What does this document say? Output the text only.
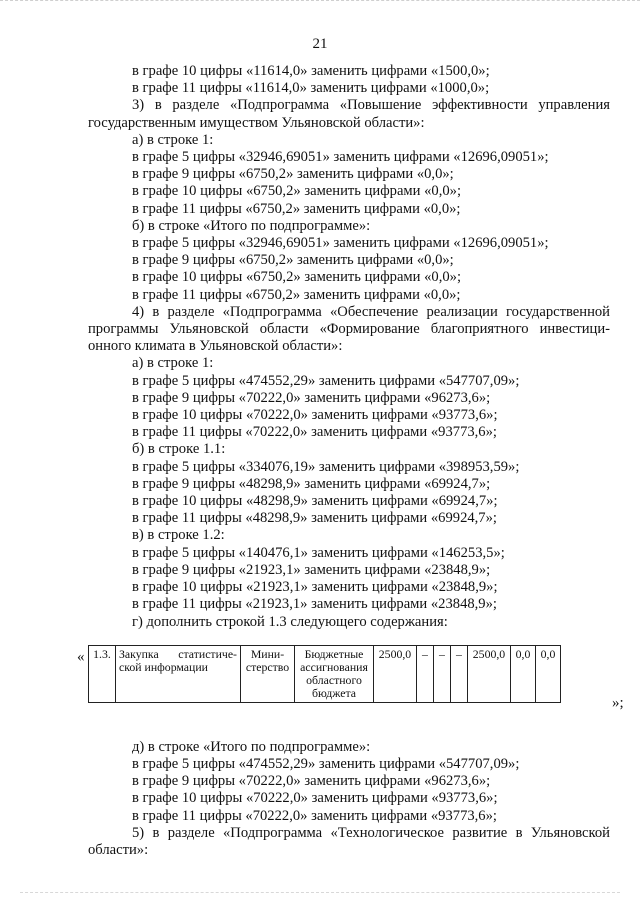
21
в графе 10 цифры «11614,0» заменить цифрами «1500,0»;
в графе 11 цифры «11614,0» заменить цифрами «1000,0»;
3) в разделе «Подпрограмма «Повышение эффективности управления
государственным имуществом Ульяновской области»:
а) в строке 1:
в графе 5 цифры «32946,69051» заменить цифрами «12696,09051»;
в графе 9 цифры «6750,2» заменить цифрами «0,0»;
в графе 10 цифры «6750,2» заменить цифрами «0,0»;
в графе 11 цифры «6750,2» заменить цифрами «0,0»;
б) в строке «Итого по подпрограмме»:
в графе 5 цифры «32946,69051» заменить цифрами «12696,09051»;
в графе 9 цифры «6750,2» заменить цифрами «0,0»;
в графе 10 цифры «6750,2» заменить цифрами «0,0»;
в графе 11 цифры «6750,2» заменить цифрами «0,0»;
4) в разделе «Подпрограмма «Обеспечение реализации государственной
программы Ульяновской области «Формирование благоприятного инвестици-
онного климата в Ульяновской области»:
а) в строке 1:
в графе 5 цифры «474552,29» заменить цифрами «547707,09»;
в графе 9 цифры «70222,0» заменить цифрами «96273,6»;
в графе 10 цифры «70222,0» заменить цифрами «93773,6»;
в графе 11 цифры «70222,0» заменить цифрами «93773,6»;
б) в строке 1.1:
в графе 5 цифры «334076,19» заменить цифрами «398953,59»;
в графе 9 цифры «48298,9» заменить цифрами «69924,7»;
в графе 10 цифры «48298,9» заменить цифрами «69924,7»;
в графе 11 цифры «48298,9» заменить цифрами «69924,7»;
в) в строке 1.2:
в графе 5 цифры «140476,1» заменить цифрами «146253,5»;
в графе 9 цифры «21923,1» заменить цифрами «23848,9»;
в графе 10 цифры «21923,1» заменить цифрами «23848,9»;
в графе 11 цифры «21923,1» заменить цифрами «23848,9»;
г) дополнить строкой 1.3 следующего содержания:
« 1.3.	Закупка статистиче-ской информации	Мини-стерство	Бюджетные ассигнования областного бюджета	2500,0	–	–	–	2500,0	0,0	0,0
»;
д) в строке «Итого по подпрограмме»:
в графе 5 цифры «474552,29» заменить цифрами «547707,09»;
в графе 9 цифры «70222,0» заменить цифрами «96273,6»;
в графе 10 цифры «70222,0» заменить цифрами «93773,6»;
в графе 11 цифры «70222,0» заменить цифрами «93773,6»;
5) в разделе «Подпрограмма «Технологическое развитие в Ульяновской
области»:
